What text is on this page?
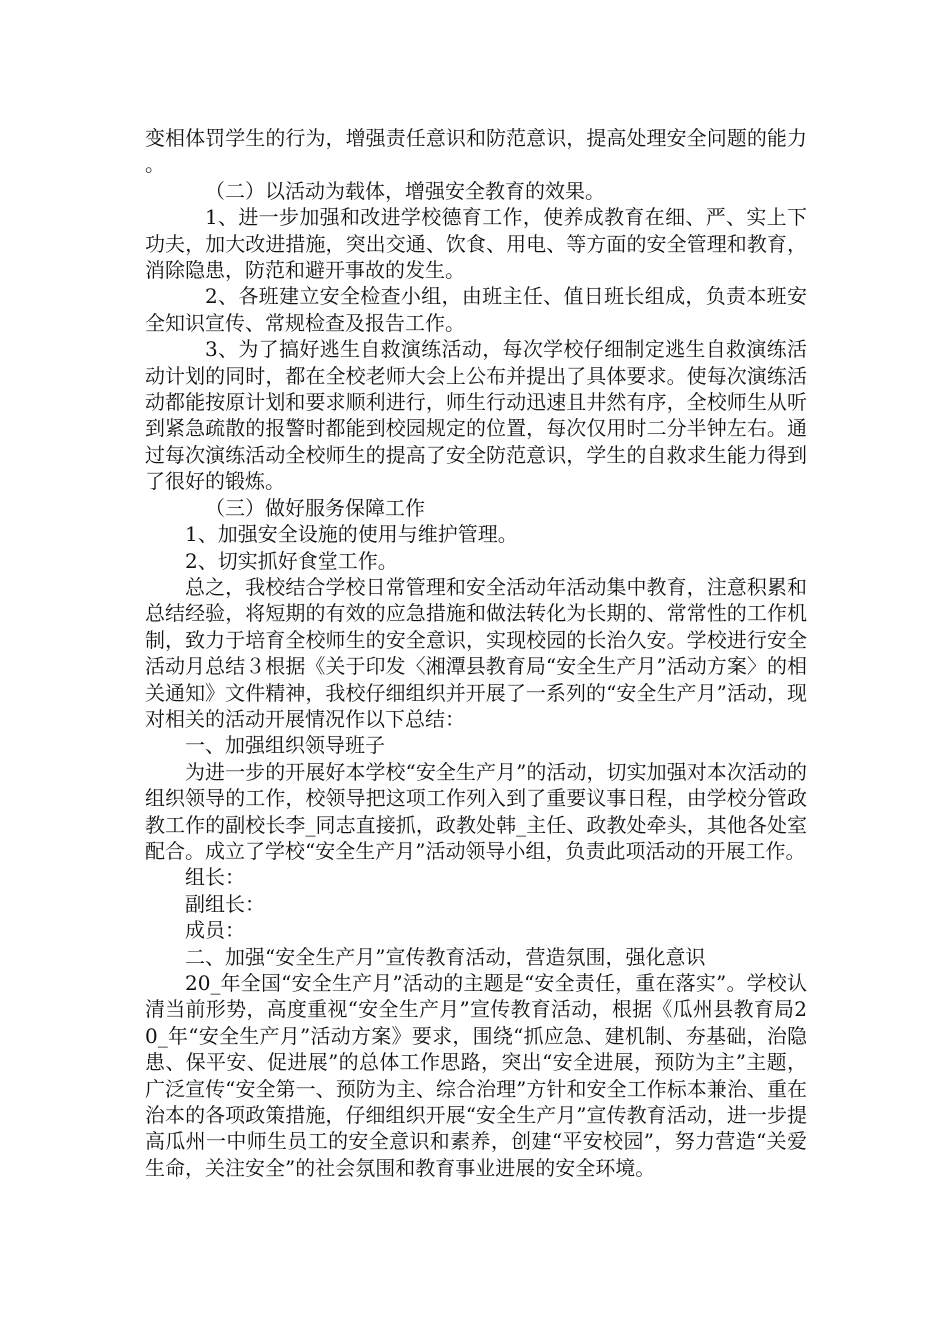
变相体罚学生的行为，增强责任意识和防范意识，提高处理安全问题的能力。

（二）以活动为载体，增强安全教育的效果。

1、进一步加强和改进学校德育工作，使养成教育在细、严、实上下功夫，加大改进措施，突出交通、饮食、用电、等方面的安全管理和教育，消除隐患，防范和避开事故的发生。

2、各班建立安全检查小组，由班主任、值日班长组成，负责本班安全知识宣传、常规检查及报告工作。

3、为了搞好逃生自救演练活动，每次学校仔细制定逃生自救演练活动计划的同时，都在全校老师大会上公布并提出了具体要求。使每次演练活动都能按原计划和要求顺利进行，师生行动迅速且井然有序，全校师生从听到紧急疏散的报警时都能到校园规定的位置，每次仅用时二分半钟左右。通过每次演练活动全校师生的提高了安全防范意识，学生的自救求生能力得到了很好的锻炼。

（三）做好服务保障工作

1、加强安全设施的使用与维护管理。

2、切实抓好食堂工作。

总之，我校结合学校日常管理和安全活动年活动集中教育，注意积累和总结经验，将短期的有效的应急措施和做法转化为长期的、常常性的工作机制，致力于培育全校师生的安全意识，实现校园的长治久安。学校进行安全活动月总结３根据《关于印发〈湘潭县教育局“安全生产月”活动方案〉的相关通知》文件精神，我校仔细组织并开展了一系列的“安全生产月”活动，现对相关的活动开展情况作以下总结：

一、加强组织领导班子

为进一步的开展好本学校“安全生产月”的活动，切实加强对本次活动的组织领导的工作，校领导把这项工作列入到了重要议事日程，由学校分管政教工作的副校长李_同志直接抓，政教处韩_主任、政教处牵头，其他各处室配合。成立了学校“安全生产月”活动领导小组，负责此项活动的开展工作。

组长：

副组长：

成员：

二、加强“安全生产月”宣传教育活动，营造氛围，强化意识

20_年全国“安全生产月”活动的主题是“安全责任，重在落实”。学校认清当前形势，高度重视“安全生产月”宣传教育活动，根据《瓜州县教育局20_年“安全生产月”活动方案》要求，围绕“抓应急、建机制、夯基础，治隐患、保平安、促进展”的总体工作思路，突出“安全进展，预防为主”主题，广泛宣传“安全第一、预防为主、综合治理”方针和安全工作标本兼治、重在治本的各项政策措施，仔细组织开展“安全生产月”宣传教育活动，进一步提高瓜州一中师生员工的安全意识和素养，创建“平安校园”，努力营造“关爱生命，关注安全”的社会氛围和教育事业进展的安全环境。
